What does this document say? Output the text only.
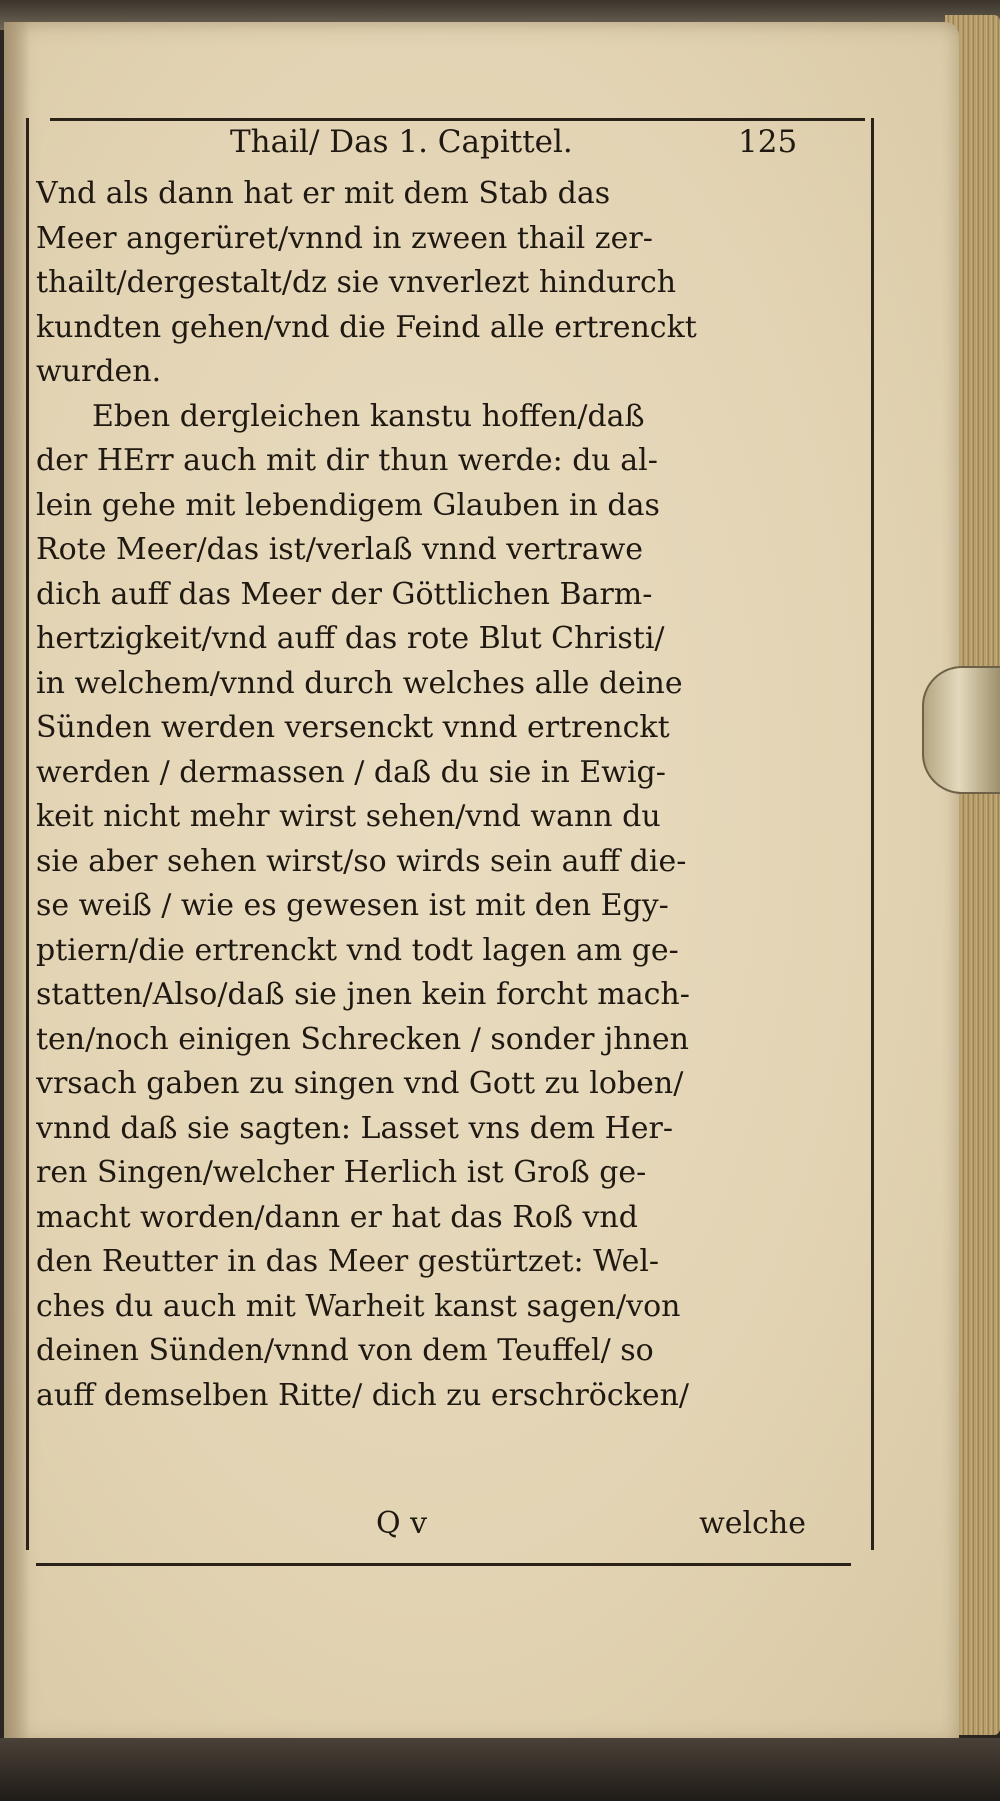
Thail/ Das 1. Capittel.	125
Vnd als dann hat er mit dem Stab das
Meer angerüret/vnnd in zween thail zer-
thailt/dergestalt/dz sie vnverlezt hindurch
kundten gehen/vnd die Feind alle ertrenckt
wurden.
Eben dergleichen kanstu hoffen/daß
der HErr auch mit dir thun werde: du al-
lein gehe mit lebendigem Glauben in das
Rote Meer/das ist/verlaß vnnd vertrawe
dich auff das Meer der Göttlichen Barm-
hertzigkeit/vnd auff das rote Blut Christi/
in welchem/vnnd durch welches alle deine
Sünden werden versenckt vnnd ertrenckt
werden / dermassen / daß du sie in Ewig-
keit nicht mehr wirst sehen/vnd wann du
sie aber sehen wirst/so wirds sein auff die-
se weiß / wie es gewesen ist mit den Egy-
ptiern/die ertrenckt vnd todt lagen am ge-
statten/Also/daß sie jnen kein forcht mach-
ten/noch einigen Schrecken / sonder jhnen
vrsach gaben zu singen vnd Gott zu loben/
vnnd daß sie sagten: Lasset vns dem Her-
ren Singen/welcher Herlich ist Groß ge-
macht worden/dann er hat das Roß vnd
den Reutter in das Meer gestürtzet: Wel-
ches du auch mit Warheit kanst sagen/von
deinen Sünden/vnnd von dem Teuffel/ so
auff demselben Ritte/ dich zu erschröcken/
Q v	welche
